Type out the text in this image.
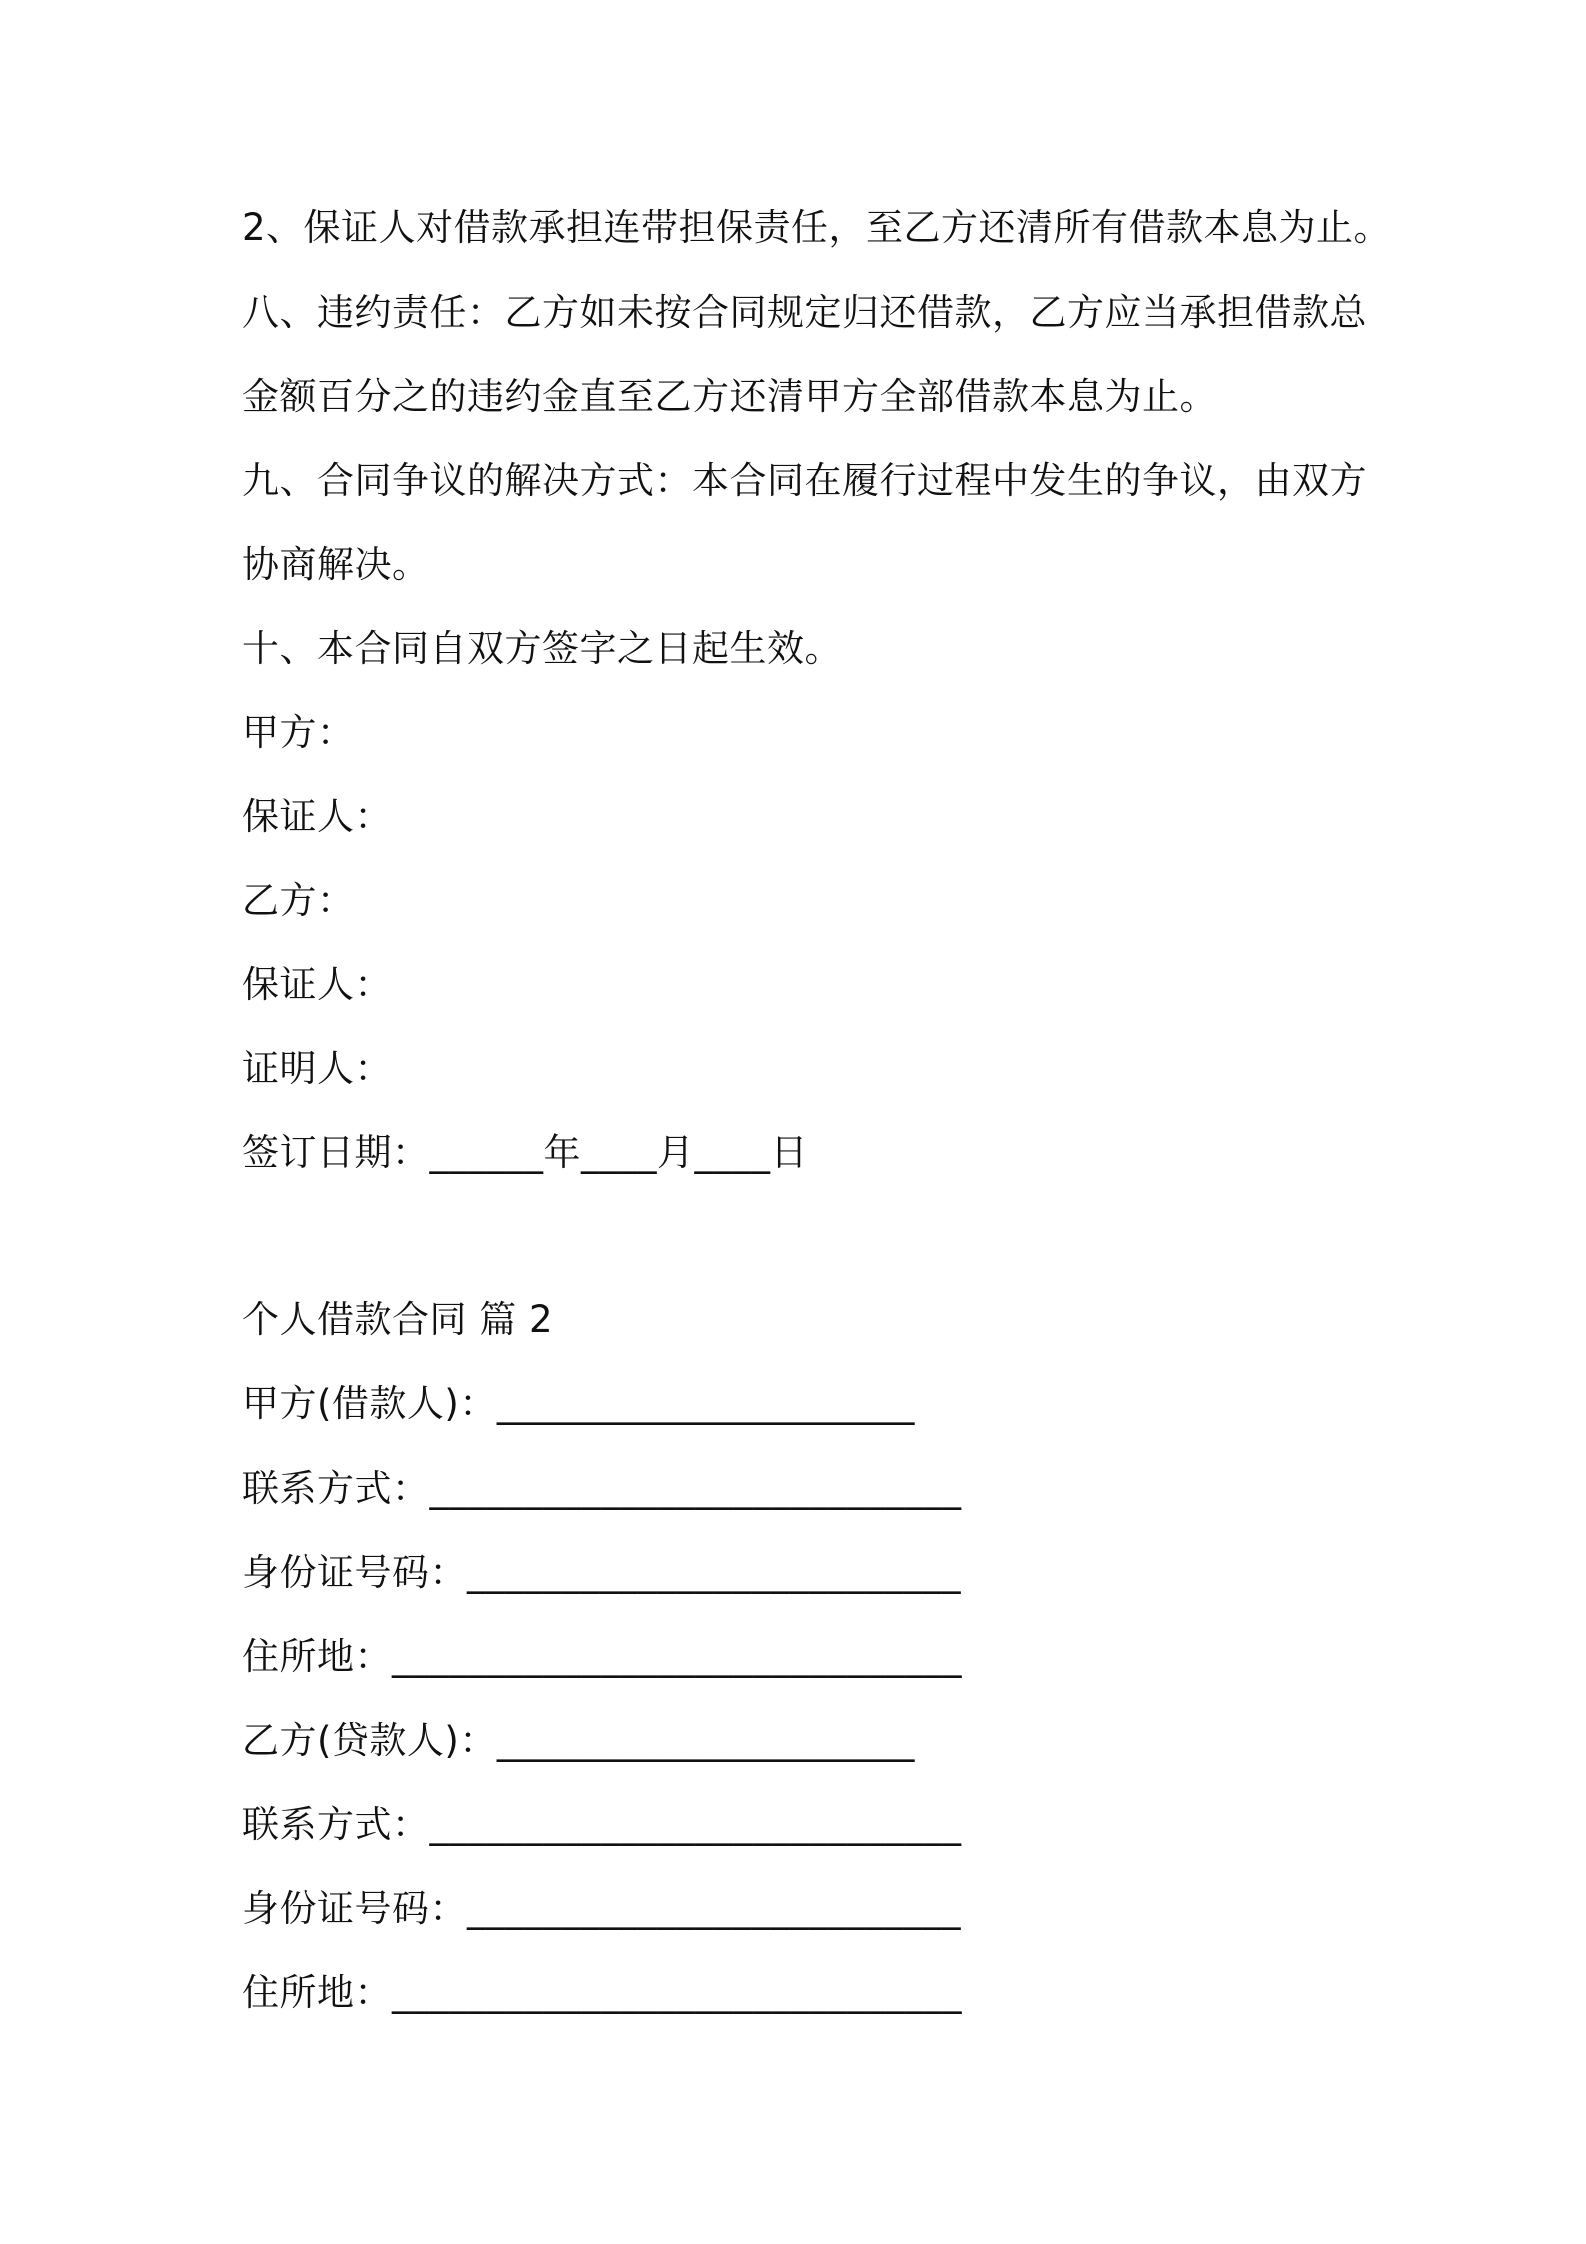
2、保证人对借款承担连带担保责任，至乙方还清所有借款本息为止。
八、违约责任：乙方如未按合同规定归还借款，乙方应当承担借款总
金额百分之的违约金直至乙方还清甲方全部借款本息为止。
九、合同争议的解决方式：本合同在履行过程中发生的争议，由双方
协商解决。
十、本合同自双方签字之日起生效。
甲方：
保证人：
乙方：
保证人：
证明人：
签订日期：______年____月____日
个人借款合同 篇 2
甲方(借款人)：______________________
联系方式：____________________________
身份证号码：__________________________
住所地：______________________________
乙方(贷款人)：______________________
联系方式：____________________________
身份证号码：__________________________
住所地：______________________________
